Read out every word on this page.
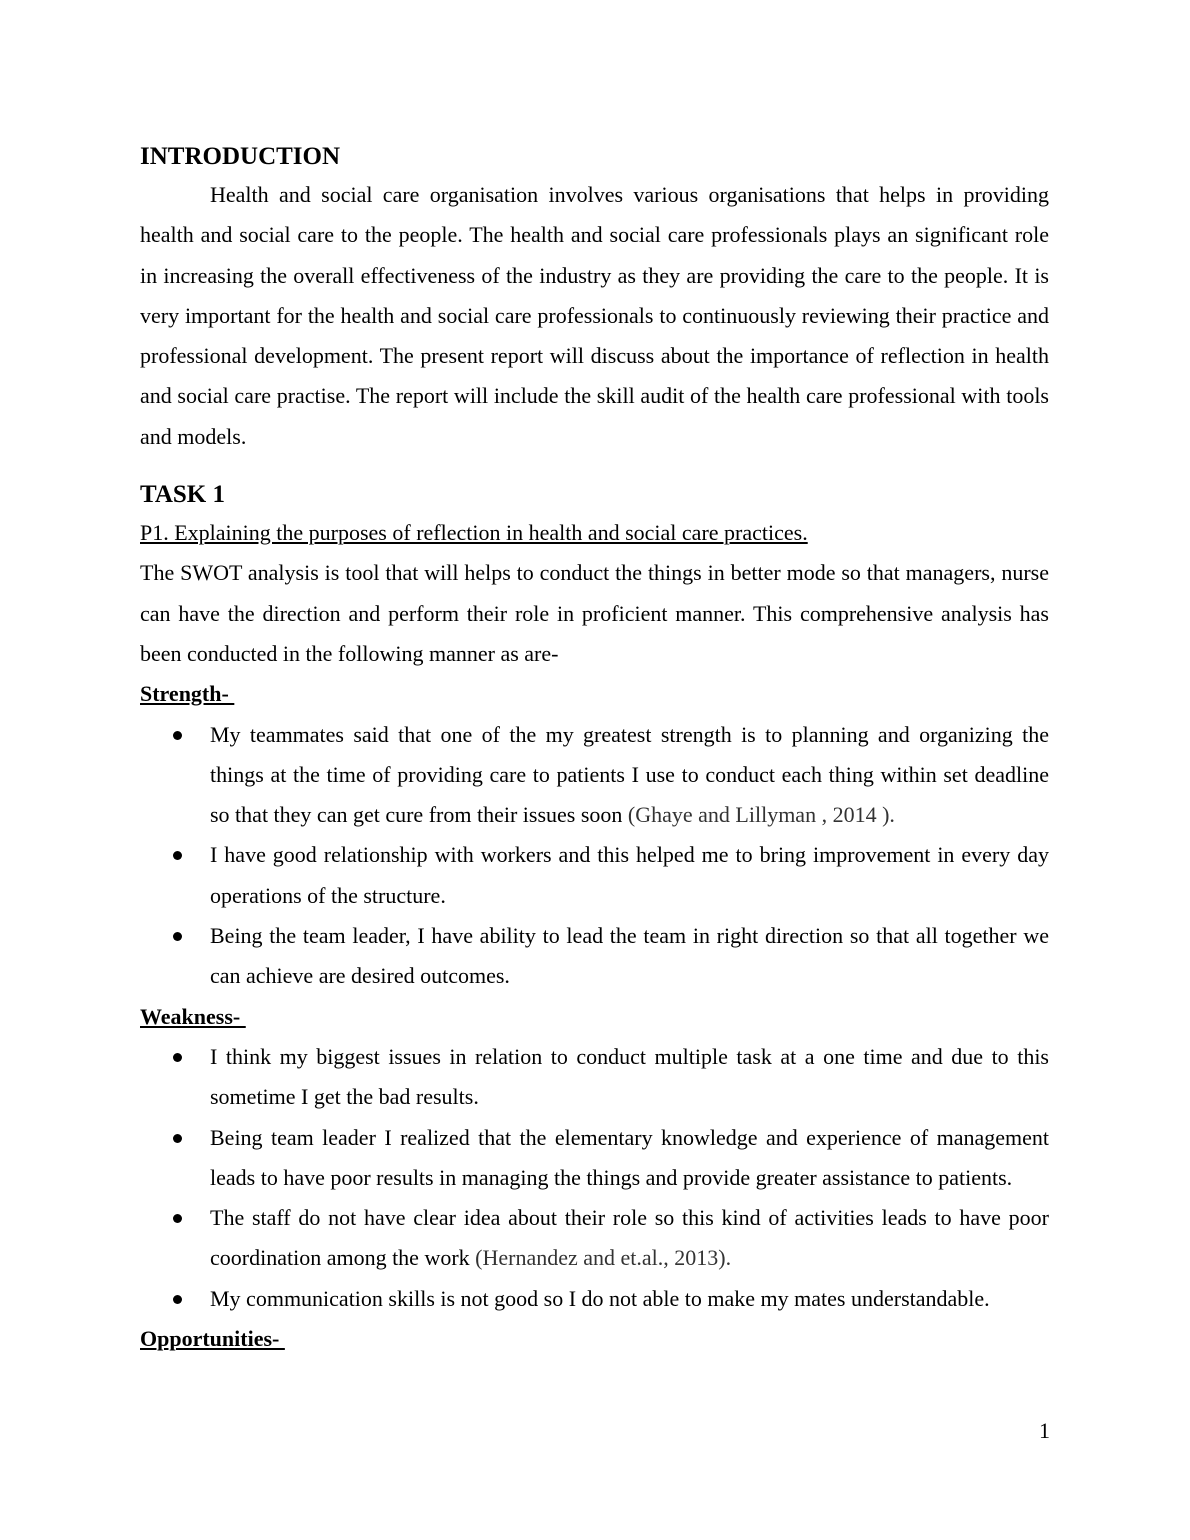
INTRODUCTION

Health and social care organisation involves various organisations that helps in providing health and social care to the people. The health and social care professionals plays an significant role in increasing the overall effectiveness of the industry as they are providing the care to the people. It is very important for the health and social care professionals to continuously reviewing their practice and professional development. The present report will discuss about the importance of reflection in health and social care practise. The report will include the skill audit of the health care professional with tools and models.

TASK 1

P1. Explaining the purposes of reflection in health and social care practices.

The SWOT analysis is tool that will helps to conduct the things in better mode so that managers, nurse can have the direction and perform their role in proficient manner. This comprehensive analysis has been conducted in the following manner as are-

Strength-

My teammates said that one of the my greatest strength is to planning and organizing the things at the time of providing care to patients I use to conduct each thing within set deadline so that they can get cure from their issues soon (Ghaye and Lillyman , 2014 ).
I have good relationship with workers and this helped me to bring improvement in every day operations of the structure.
Being the team leader, I have ability to lead the team in right direction so that all together we can achieve are desired outcomes.

Weakness-

I think my biggest issues in relation to conduct multiple task at a one time and due to this sometime I get the bad results.
Being team leader I realized that the elementary knowledge and experience of management leads to have poor results in managing the things and provide greater assistance to patients.
The staff do not have clear idea about their role so this kind of activities leads to have poor coordination among the work (Hernandez and et.al., 2013).
My communication skills is not good so I do not able to make my mates understandable.

Opportunities-

1
